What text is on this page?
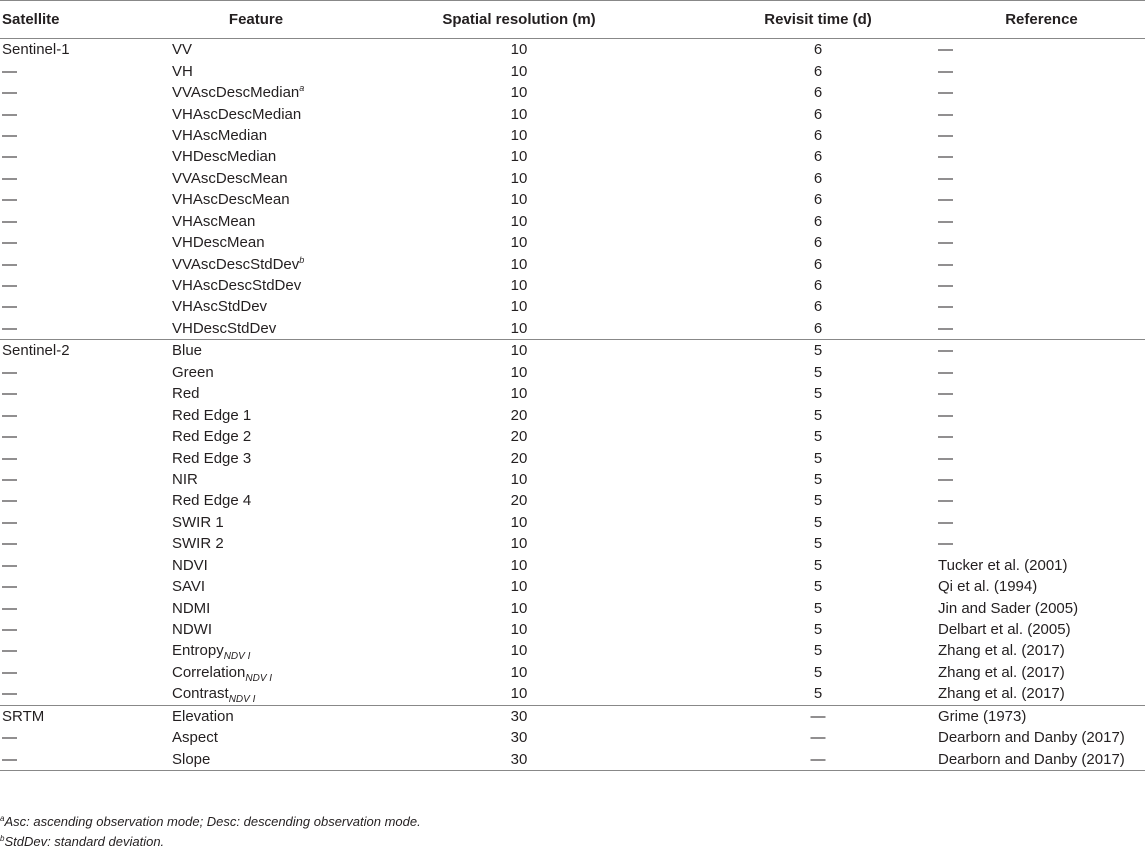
Satellite	Feature	Spatial resolution (m)	Revisit time (d)	Reference
Sentinel-1	VV	10	6	—
—	VH	10	6	—
—	VVAscDescMedian$^a$	10	6	—
—	VHAscDescMedian	10	6	—
—	VHAscMedian	10	6	—
—	VHDescMedian	10	6	—
—	VVAscDescMean	10	6	—
—	VHAscDescMean	10	6	—
—	VHAscMean	10	6	—
—	VHDescMean	10	6	—
—	VVAscDescStdDev$^b$	10	6	—
—	VHAscDescStdDev	10	6	—
—	VHAscStdDev	10	6	—
—	VHDescStdDev	10	6	—
Sentinel-2	Blue	10	5	—
—	Green	10	5	—
—	Red	10	5	—
—	Red Edge 1	20	5	—
—	Red Edge 2	20	5	—
—	Red Edge 3	20	5	—
—	NIR	10	5	—
—	Red Edge 4	20	5	—
—	SWIR 1	10	5	—
—	SWIR 2	10	5	—
—	NDVI	10	5	Tucker et al. (2001)
—	SAVI	10	5	Qi et al. (1994)
—	NDMI	10	5	Jin and Sader (2005)
—	NDWI	10	5	Delbart et al. (2005)
—	Entropy$_{NDV I}$	10	5	Zhang et al. (2017)
—	Correlation$_{NDV I}$	10	5	Zhang et al. (2017)
—	Contrast$_{NDV I}$	10	5	Zhang et al. (2017)
SRTM	Elevation	30	—	Grime (1973)
—	Aspect	30	—	Dearborn and Danby (2017)
—	Slope	30	—	Dearborn and Danby (2017)
$^a$Asc: ascending observation mode; Desc: descending observation mode.
$^b$StdDev: standard deviation.
